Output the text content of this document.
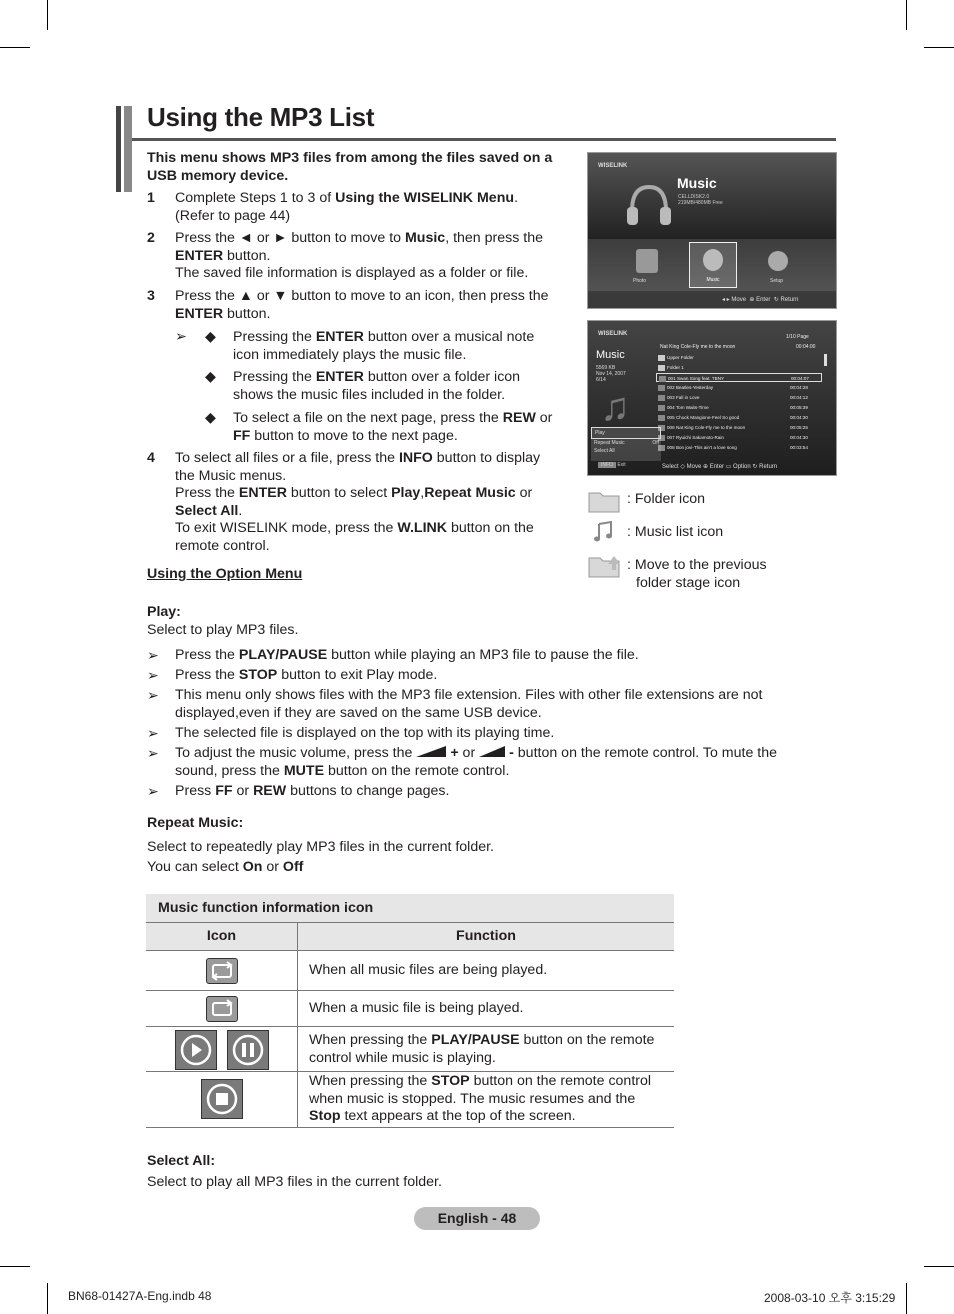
Using the MP3 List
This menu shows MP3 files from among the files saved on a USB memory device.
1 Complete Steps 1 to 3 of Using the WISELINK Menu.
(Refer to page 44)
2 Press the ◄ or ► button to move to Music, then press the
ENTER button.
The saved file information is displayed as a folder or file.
3 Press the ▲ or ▼ button to move to an icon, then press the
ENTER button.
➢ ◆ Pressing the ENTER button over a musical note
icon immediately plays the music file.
◆ Pressing the ENTER button over a folder icon
shows the music files included in the folder.
◆ To select a file on the next page, press the REW or
FF button to move to the next page.
4 To select all files or a file, press the INFO button to display
the Music menus.
Press the ENTER button to select Play,Repeat Music or
Select All.
To exit WISELINK mode, press the W.LINK button on the
remote control.
Using the Option Menu
Play:
Select to play MP3 files.
➢ Press the PLAY/PAUSE button while playing an MP3 file to pause the file.
➢ Press the STOP button to exit Play mode.
➢ This menu only shows files with the MP3 file extension. Files with other file extensions are not
displayed,even if they are saved on the same USB device.
➢ The selected file is displayed on the top with its playing time.
➢ To adjust the music volume, press the + or - button on the remote control. To mute the
sound, press the MUTE button on the remote control.
➢ Press FF or REW buttons to change pages.
Repeat Music:
Select to repeatedly play MP3 files in the current folder.
You can select On or Off
Music function information icon
Icon	Function
When all music files are being played.
When a music file is being played.
When pressing the PLAY/PAUSE button on the remote
control while music is playing.
When pressing the STOP button on the remote control
when music is stopped. The music resumes and the
Stop text appears at the top of the screen.
Select All:
Select to play all MP3 files in the current folder.
WISELINK
Music
CELLDISK2.0
219MB/480MB Free
Photo	Music	Setup
◂ ▸ Move  ⊕ Enter  ↻ Return
WISELINK
Nat King Cole-Fly me to the moon	00:04:00
1/10 Page
Music
5569 KB
Nov 14, 2007
6/14
♫
Upper Folder
Folder 1
001 Swan Song feat. TBNY	00:04:07
002 Beatles-Yesterday	00:04:28
003 Fall in Love	00:04:12
004 Tom Waits-Time	00:05:39
005 Chuck Mangione-Feel So good	00:04:30
006 Nat King Cole-Fly me to the moon	00:05:25
007 Ryuichi Sakamoto-Rain	00:04:30
008 Bon jovi-This ain't a love song	00:03:54
Play
Repeat Music	Off
Select All
INFO Exit	Select ◇ Move ⊕ Enter ▭ Option ↻ Return
: Folder icon
: Music list icon
: Move to the previous
folder stage icon
English - 48
BN68-01427A-Eng.indb 48	2008-03-10 오후 3:15:29
